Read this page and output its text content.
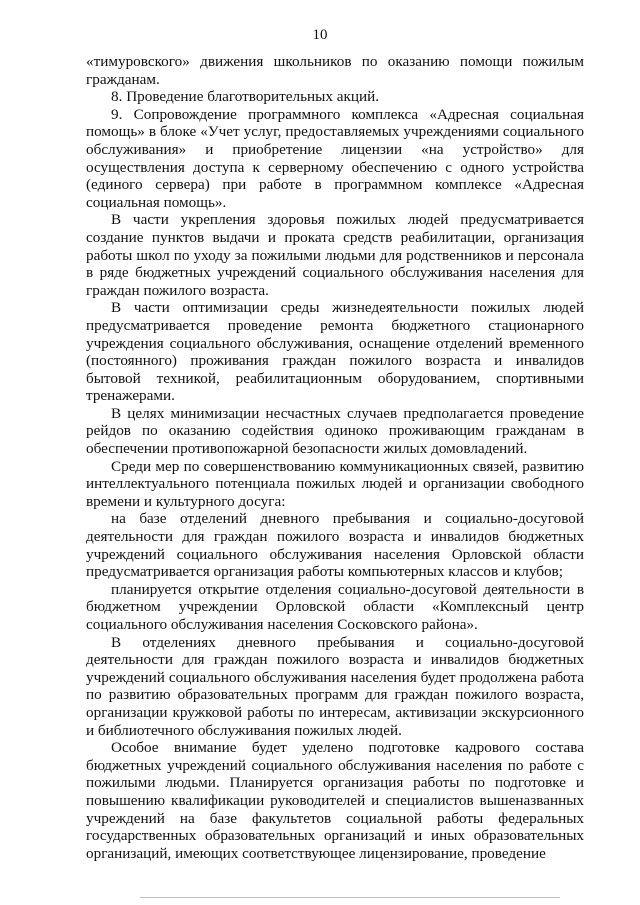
10

«тимуровского» движения школьников по оказанию помощи пожилым гражданам.

8. Проведение благотворительных акций.

9. Сопровождение программного комплекса «Адресная социальная помощь» в блоке «Учет услуг, предоставляемых учреждениями социального обслуживания» и приобретение лицензии «на устройство» для осуществления доступа к серверному обеспечению с одного устройства (единого сервера) при работе в программном комплексе «Адресная социальная помощь».

В части укрепления здоровья пожилых людей предусматривается создание пунктов выдачи и проката средств реабилитации, организация работы школ по уходу за пожилыми людьми для родственников и персонала в ряде бюджетных учреждений социального обслуживания населения для граждан пожилого возраста.

В части оптимизации среды жизнедеятельности пожилых людей предусматривается проведение ремонта бюджетного стационарного учреждения социального обслуживания, оснащение отделений временного (постоянного) проживания граждан пожилого возраста и инвалидов бытовой техникой, реабилитационным оборудованием, спортивными тренажерами.

В целях минимизации несчастных случаев предполагается проведение рейдов по оказанию содействия одиноко проживающим гражданам в обеспечении противопожарной безопасности жилых домовладений.

Среди мер по совершенствованию коммуникационных связей, развитию интеллектуального потенциала пожилых людей и организации свободного времени и культурного досуга:

на базе отделений дневного пребывания и социально-досуговой деятельности для граждан пожилого возраста и инвалидов бюджетных учреждений социального обслуживания населения Орловской области предусматривается организация работы компьютерных классов и клубов;

планируется открытие отделения социально-досуговой деятельности в бюджетном учреждении Орловской области «Комплексный центр социального обслуживания населения Сосковского района».

В отделениях дневного пребывания и социально-досуговой деятельности для граждан пожилого возраста и инвалидов бюджетных учреждений социального обслуживания населения будет продолжена работа по развитию образовательных программ для граждан пожилого возраста, организации кружковой работы по интересам, активизации экскурсионного и библиотечного обслуживания пожилых людей.

Особое внимание будет уделено подготовке кадрового состава бюджетных учреждений социального обслуживания населения по работе с пожилыми людьми. Планируется организация работы по подготовке и повышению квалификации руководителей и специалистов вышеназванных учреждений на базе факультетов социальной работы федеральных государственных образовательных организаций и иных образовательных организаций, имеющих соответствующее лицензирование, проведение
